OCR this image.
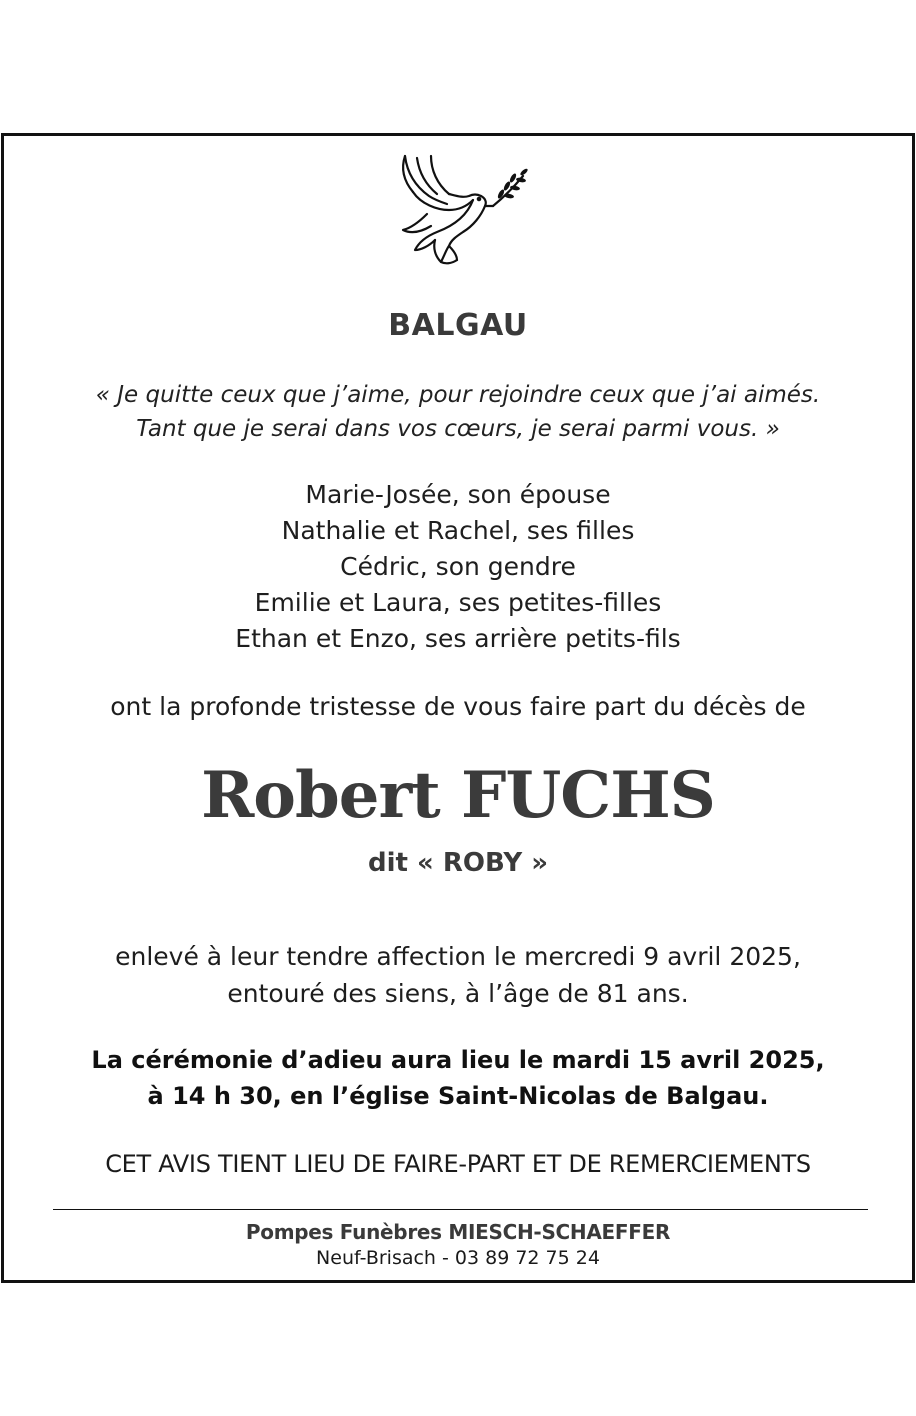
BALGAU
« Je quitte ceux que j’aime, pour rejoindre ceux que j’ai aimés.
Tant que je serai dans vos cœurs, je serai parmi vous. »
Marie-Josée, son épouse
Nathalie et Rachel, ses filles
Cédric, son gendre
Emilie et Laura, ses petites-filles
Ethan et Enzo, ses arrière petits-fils
ont la profonde tristesse de vous faire part du décès de
Robert FUCHS
dit « ROBY »
enlevé à leur tendre affection le mercredi 9 avril 2025,
entouré des siens, à l’âge de 81 ans.
La cérémonie d’adieu aura lieu le mardi 15 avril 2025,
à 14 h 30, en l’église Saint-Nicolas de Balgau.
CET AVIS TIENT LIEU DE FAIRE-PART ET DE REMERCIEMENTS
Pompes Funèbres MIESCH-SCHAEFFER
Neuf-Brisach - 03 89 72 75 24
